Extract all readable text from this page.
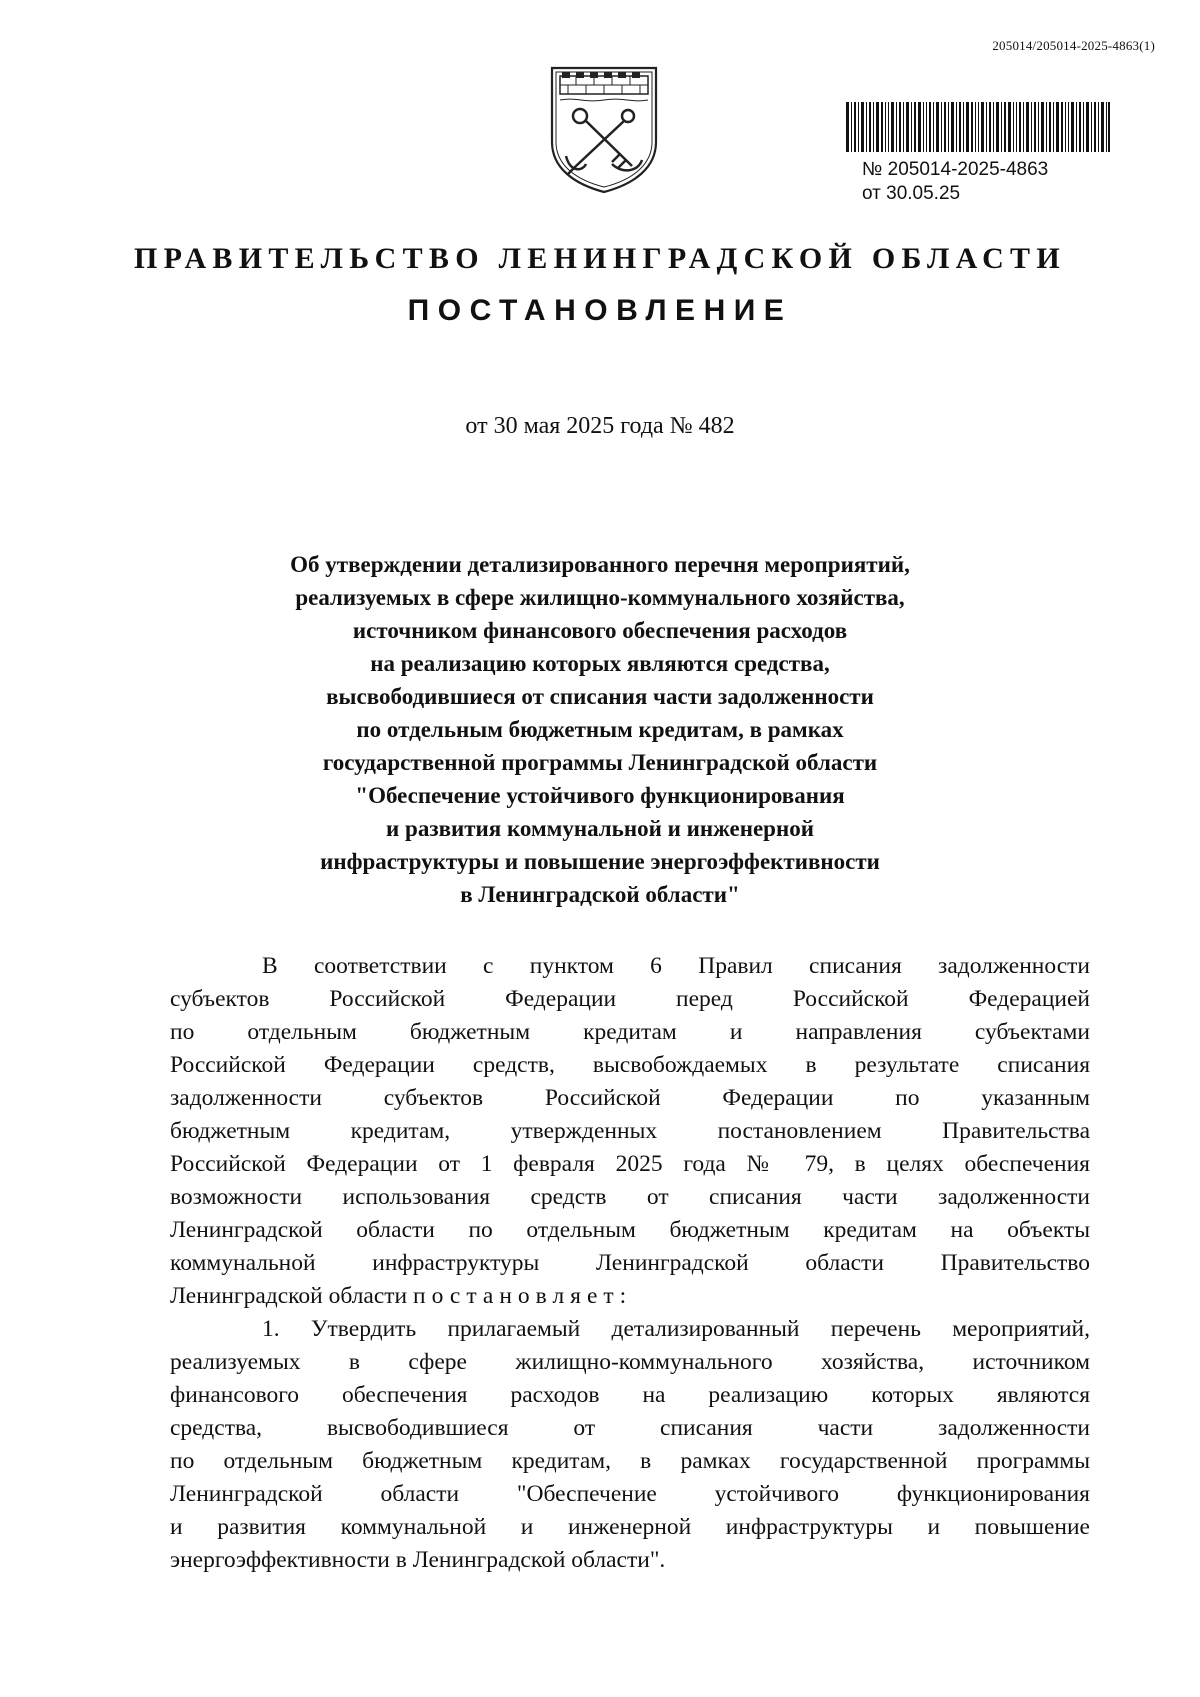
205014/205014-2025-4863(1)
№ 205014-2025-4863
от 30.05.25
ПРАВИТЕЛЬСТВО ЛЕНИНГРАДСКОЙ ОБЛАСТИ
ПОСТАНОВЛЕНИЕ
от 30 мая 2025 года № 482
Об утверждении детализированного перечня мероприятий,
реализуемых в сфере жилищно-коммунального хозяйства,
источником финансового обеспечения расходов
на реализацию которых являются средства,
высвободившиеся от списания части задолженности
по отдельным бюджетным кредитам, в рамках
государственной программы Ленинградской области
"Обеспечение устойчивого функционирования
и развития коммунальной и инженерной
инфраструктуры и повышение энергоэффективности
в Ленинградской области"
В соответствии с пунктом 6 Правил списания задолженности
субъектов Российской Федерации перед Российской Федерацией
по отдельным бюджетным кредитам и направления субъектами
Российской Федерации средств, высвобождаемых в результате списания
задолженности субъектов Российской Федерации по указанным
бюджетным кредитам, утвержденных постановлением Правительства
Российской Федерации от 1 февраля 2025 года № 79, в целях обеспечения
возможности использования средств от списания части задолженности
Ленинградской области по отдельным бюджетным кредитам на объекты
коммунальной инфраструктуры Ленинградской области Правительство
Ленинградской области постановляет:
1. Утвердить прилагаемый детализированный перечень мероприятий,
реализуемых в сфере жилищно-коммунального хозяйства, источником
финансового обеспечения расходов на реализацию которых являются
средства, высвободившиеся от списания части задолженности
по отдельным бюджетным кредитам, в рамках государственной программы
Ленинградской области "Обеспечение устойчивого функционирования
и развития коммунальной и инженерной инфраструктуры и повышение
энергоэффективности в Ленинградской области".
